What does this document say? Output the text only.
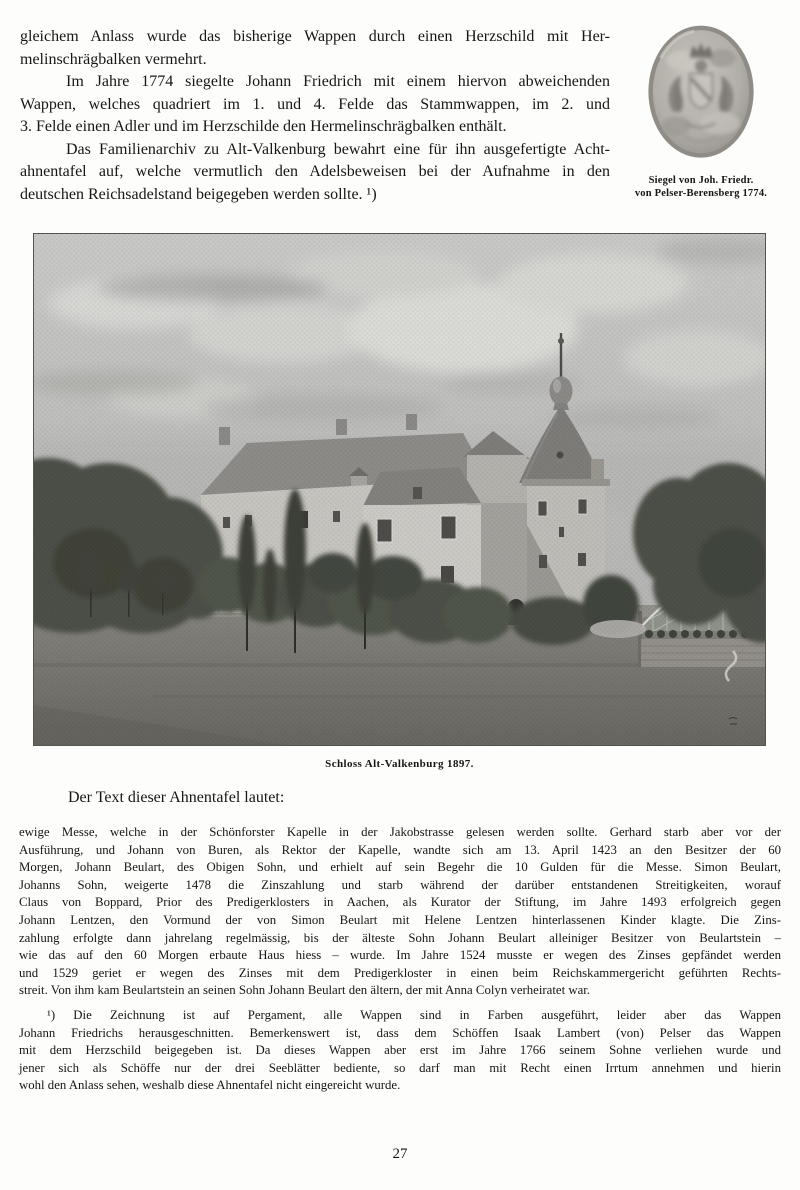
gleichem Anlass wurde das bisherige Wappen durch einen Herzschild mit Her-
melinschrägbalken vermehrt.
Im Jahre 1774 siegelte Johann Friedrich mit einem hiervon abweichenden
Wappen, welches quadriert im 1. und 4. Felde das Stammwappen, im 2. und
3. Felde einen Adler und im Herzschilde den Hermelinschrägbalken enthält.
Das Familienarchiv zu Alt-Valkenburg bewahrt eine für ihn ausgefertigte Acht-
ahnentafel auf, welche vermutlich den Adelsbeweisen bei der Aufnahme in den
deutschen Reichsadelstand beigegeben werden sollte. ¹)
Siegel von Joh. Friedr.
von Pelser-Berensberg 1774.
Schloss Alt-Valkenburg 1897.
Der Text dieser Ahnentafel lautet:
ewige Messe, welche in der Schönforster Kapelle in der Jakobstrasse gelesen werden sollte. Gerhard starb aber vor der
Ausführung, und Johann von Buren, als Rektor der Kapelle, wandte sich am 13. April 1423 an den Besitzer der 60
Morgen, Johann Beulart, des Obigen Sohn, und erhielt auf sein Begehr die 10 Gulden für die Messe. Simon Beulart,
Johanns Sohn, weigerte 1478 die Zinszahlung und starb während der darüber entstandenen Streitigkeiten, worauf
Claus von Boppard, Prior des Predigerklosters in Aachen, als Kurator der Stiftung, im Jahre 1493 erfolgreich gegen
Johann Lentzen, den Vormund der von Simon Beulart mit Helene Lentzen hinterlassenen Kinder klagte. Die Zins-
zahlung erfolgte dann jahrelang regelmässig, bis der älteste Sohn Johann Beulart alleiniger Besitzer von Beulartstein –
wie das auf den 60 Morgen erbaute Haus hiess – wurde. Im Jahre 1524 musste er wegen des Zinses gepfändet werden
und 1529 geriet er wegen des Zinses mit dem Predigerkloster in einen beim Reichskammergericht geführten Rechts-
streit. Von ihm kam Beulartstein an seinen Sohn Johann Beulart den ältern, der mit Anna Colyn verheiratet war.
¹) Die Zeichnung ist auf Pergament, alle Wappen sind in Farben ausgeführt, leider aber das Wappen
Johann Friedrichs herausgeschnitten. Bemerkenswert ist, dass dem Schöffen Isaak Lambert (von) Pelser das Wappen
mit dem Herzschild beigegeben ist. Da dieses Wappen aber erst im Jahre 1766 seinem Sohne verliehen wurde und
jener sich als Schöffe nur der drei Seeblätter bediente, so darf man mit Recht einen Irrtum annehmen und hierin
wohl den Anlass sehen, weshalb diese Ahnentafel nicht eingereicht wurde.
27
